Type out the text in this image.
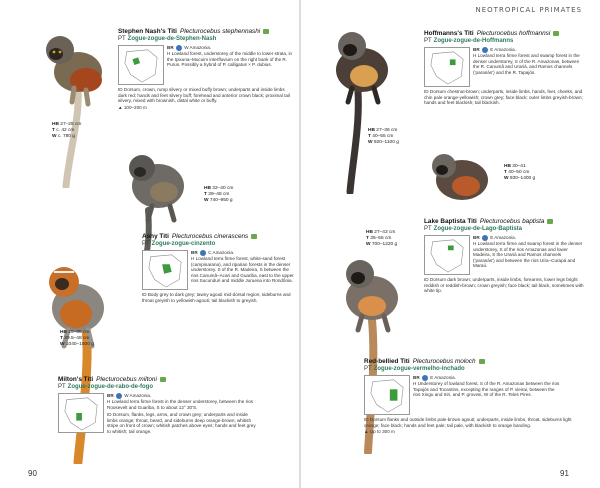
NEOTROPICAL PRIMATES
90	91
Stephen Nash's Titi Plecturocebus stephennashi
PT Zogue-zogue-de-Stephen-Nash
BR W Amazonia.
H Lowland forest, understorey of the middle to lower strata, in the Ipixuna–Mucuim interfluvium on the right bank of the R. Purus. Possibly a hybrid of P. calligatus × P. dubius.
ID Dorsum, crown, rump silvery or mixed buffy brown; underparts and inside limbs dark red; hands and feet silvery buff; forehead and anterior crown black; proximal tail silvery, mixed with brownish, distal white or buffy.
▲ 100–200 m
HB 27–28 cm
T c. 42 cm
W c. 780 g
HB 32–40 cm
T 39–48 cm
W 740–950 g
Ashy Titi Plecturocebus cinerascens
PT Zogue-zogue-cinzento
BR C Amazonia.
H Lowland terra firme forest, white-sand forest (campinarana), and riparian forests in the denser understorey. S of the R. Madeira, S between the rios Canumã–Acari and Guariba, east to the upper rios Sucunduri and middle Juruena into Rondônia.
ID Body grey to dark grey; tawny agouti mid-dorsal region; sideburns and throat greyish to yellowish-agouti; tail blackish to greyish.
HB 26–35 cm
T 39.5–48 cm
W 1040–1500 g
Milton's Titi Plecturocebus miltoni
PT Zogue-zogue-de-rabo-de-fogo
BR W Amazonia.
H Lowland terra firme forest in the denser understorey, between the rios Roosevelt and Guariba, S to about 12° 30′S.
ID Dorsum, flanks, legs, arms, and crown grey; underparts and inside limbs orange; throat, beard, and sideburns deep orange-brown; whitish stripe on front of crown; whitish patches above eyes; hands and feet grey to whitish; tail orange.
Hoffmanns's Titi Plecturocebus hoffmannsi
PT Zogue-zogue-de-Hoffmanns
BR E Amazonia.
H Lowland terra firme forest and swamp forest in the denser understorey, S of the R. Amazonas, between the R. Canumã and Urariá, and Ramos channels (‘paranás’) and the R. Tapajós.
ID Dorsum chestnut-brown; underparts, inside limbs, hands, feet, cheeks, and chin pale orange-yellowish; crown grey; face black; outer limbs greyish-brown; hands and feet blackish; tail blackish.
HB 27–36 cm
T 40–55 cm
W 920–1100 g
HB 30–41
T 40–50 cm
W 930–1400 g
HB 27–43 cm
T 35–55 cm
W 700–1220 g
Lake Baptista Titi Plecturocebus baptista
PT Zogue-zogue-de-Lago-Baptista
BR E Amazonia.
H Lowland terra firme and swamp forest in the denser understorey, S of the rios Amazonas and lower Madeira, S the Urariá and Ramos channels (‘paranás’) and between the rios Uíra–Curapá and Maraú.
ID Dorsum dark brown; underparts, inside limbs, forearms, lower legs bright reddish or reddish-brown; crown greyish; face black; tail black, sometimes with white tip.
Red-bellied Titi Plecturocebus moloch
PT Zogue-zogue-vermelho-inchado
BR E Amazonia.
H Understorey of lowland forest, S of the R. Amazonas between the rios Tapajós and Tocantins, excepting the ranges of P. vieirai, between the rios Xingu and Iriri, and P. grovesi, W of the R. Teles Pires.
ID Dorsum flanks and outside limbs pale-brown agouti; underparts, inside limbs, throat, sideburns light orange; face black; hands and feet pale; tail pale, with blackish to orange banding.
▲ Up to 300 m
